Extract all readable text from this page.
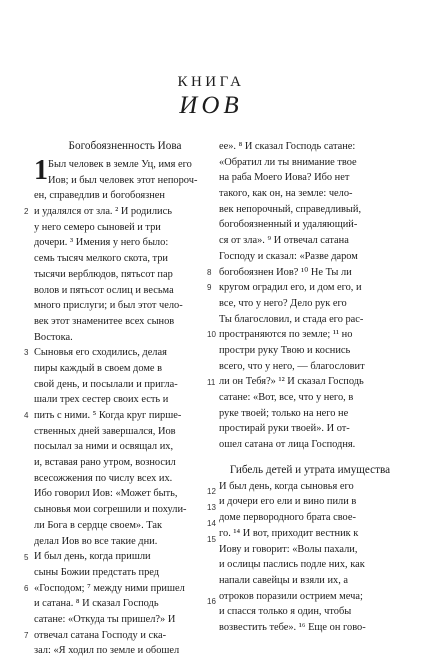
КНИГА
ИОВ
Богобоязненность Иова
Был человек в земле Уц, имя его
Иов; и был человек этот непороч-
ен, справедлив и богобоязнен
и удалялся от зла. ² И родились
у него семеро сыновей и три
дочери. ³ Имения у него было:
семь тысяч мелкого скота, три
тысячи верблюдов, пятьсот пар
волов и пятьсот ослиц и весьма
много прислуги; и был этот чело-
век этот знаменитее всех сынов
Востока.
Сыновья его сходились, делая
пиры каждый в своем доме в
свой день, и посылали и пригла-
шали трех сестер своих есть и
пить с ними. ⁵ Когда круг пирше-
ственных дней завершался, Иов
посылал за ними и освящал их,
и, вставая рано утром, возносил
всесожжения по числу всех их.
Ибо говорил Иов: «Может быть,
сыновья мои согрешили и похули-
ли Бога в сердце своем». Так
делал Иов во все такие дни.
И был день, когда пришли
сыны Божии предстать пред
«Господом; ⁷ между ними пришел
и сатана. ⁸ И сказал Господь
сатане: «Откуда ты пришел?» И
отвечал сатана Господу и ска-
зал: «Я ходил по земле и обошел
1
ее». ⁸ И сказал Господь сатане:
«Обратил ли ты внимание твое
на раба Моего Иова? Ибо нет
такого, как он, на земле: чело-
век непорочный, справедливый,
богобоязненный и удаляющий-
ся от зла». ⁹ И отвечал сатана
Господу и сказал: «Разве даром
богобоязнен Иов? ¹⁰ Не Ты ли
кругом оградил его, и дом его, и
все, что у него? Дело рук его
Ты благословил, и стада его рас-
пространяются по земле; ¹¹ но
простри руку Твою и коснись
всего, что у него, — благословит
ли он Тебя?» ¹² И сказал Господь
сатане: «Вот, все, что у него, в
руке твоей; только на него не
простирай руки твоей». И от-
ошел сатана от лица Господня.
Гибель детей и утрата имущества
И был день, когда сыновья его
и дочери его ели и вино пили в
доме первородного брата свое-
го. ¹⁴ И вот, приходит вестник к
Иову и говорит: «Волы пахали,
и ослицы паслись подле них, как
напали савейцы и взяли их, а
отроков поразили острием меча;
и спасся только я один, чтобы
возвестить тебе». ¹⁶ Еще он гово-
2
3
4
5
6
7
8
9
10
11
12
13
14
15
16
